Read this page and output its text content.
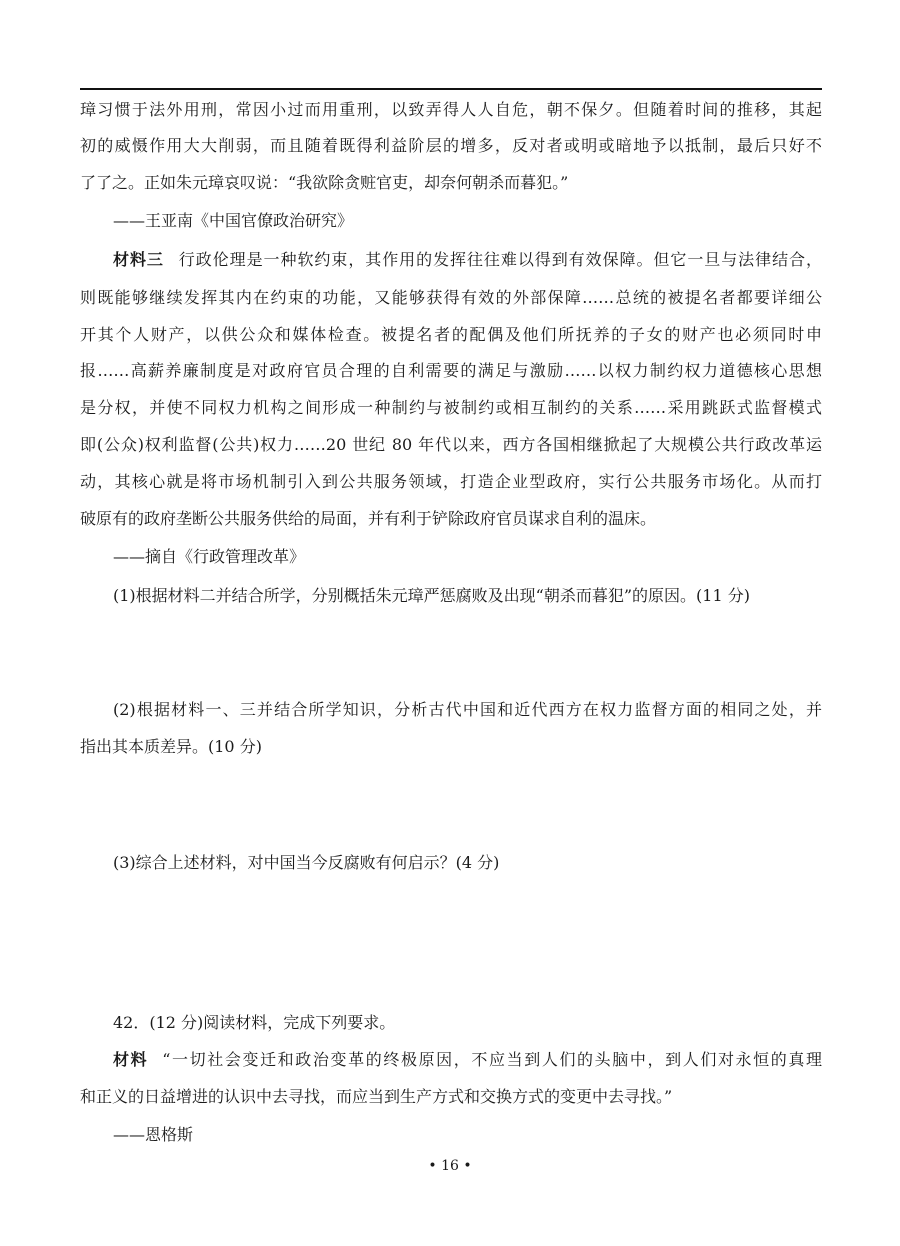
璋习惯于法外用刑，常因小过而用重刑，以致弄得人人自危，朝不保夕。但随着时间的推移，其起
初的威慑作用大大削弱，而且随着既得利益阶层的增多，反对者或明或暗地予以抵制，最后只好不
了了之。正如朱元璋哀叹说：“我欲除贪赃官吏，却奈何朝杀而暮犯。”
——王亚南《中国官僚政治研究》
材料三 行政伦理是一种软约束，其作用的发挥往往难以得到有效保障。但它一旦与法律结合，
则既能够继续发挥其内在约束的功能，又能够获得有效的外部保障……总统的被提名者都要详细公
开其个人财产，以供公众和媒体检查。被提名者的配偶及他们所抚养的子女的财产也必须同时申
报……高薪养廉制度是对政府官员合理的自利需要的满足与激励……以权力制约权力道德核心思想
是分权，并使不同权力机构之间形成一种制约与被制约或相互制约的关系……采用跳跃式监督模式
即(公众)权利监督(公共)权力……20 世纪 80 年代以来，西方各国相继掀起了大规模公共行政改革运
动，其核心就是将市场机制引入到公共服务领域，打造企业型政府，实行公共服务市场化。从而打
破原有的政府垄断公共服务供给的局面，并有利于铲除政府官员谋求自利的温床。
——摘自《行政管理改革》
(1)根据材料二并结合所学，分别概括朱元璋严惩腐败及出现“朝杀而暮犯”的原因。(11 分)
(2)根据材料一、三并结合所学知识，分析古代中国和近代西方在权力监督方面的相同之处，并
指出其本质差异。(10 分)
(3)综合上述材料，对中国当今反腐败有何启示？(4 分)
42．(12 分)阅读材料，完成下列要求。
材料 “一切社会变迁和政治变革的终极原因，不应当到人们的头脑中，到人们对永恒的真理
和正义的日益增进的认识中去寻找，而应当到生产方式和交换方式的变更中去寻找。”
——恩格斯
• 16 •
